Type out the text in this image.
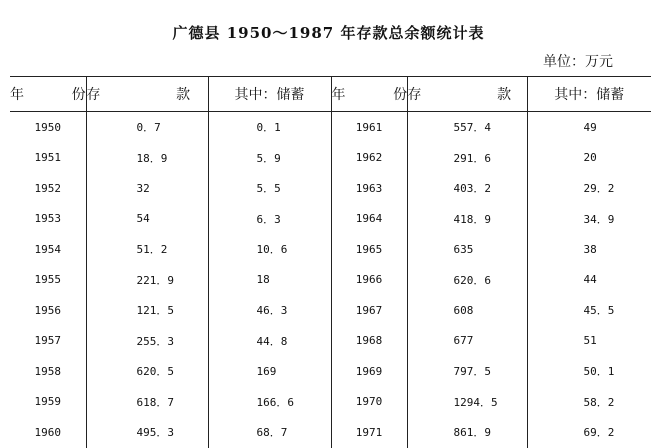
广德县 1950～1987 年存款总余额统计表
单位：万元
年　份	存　款	其中：储蓄	年　份	存　款	其中：储蓄
1950	0．7	0．1	1961	557．4	49
1951	18．9	5．9	1962	291．6	20
1952	32	5．5	1963	403．2	29．2
1953	54	6．3	1964	418．9	34．9
1954	51．2	10．6	1965	635	38
1955	221．9	18	1966	620．6	44
1956	121．5	46．3	1967	608	45．5
1957	255．3	44．8	1968	677	51
1958	620．5	169	1969	797．5	50．1
1959	618．7	166．6	1970	1294．5	58．2
1960	495．3	68．7	1971	861．9	69．2
